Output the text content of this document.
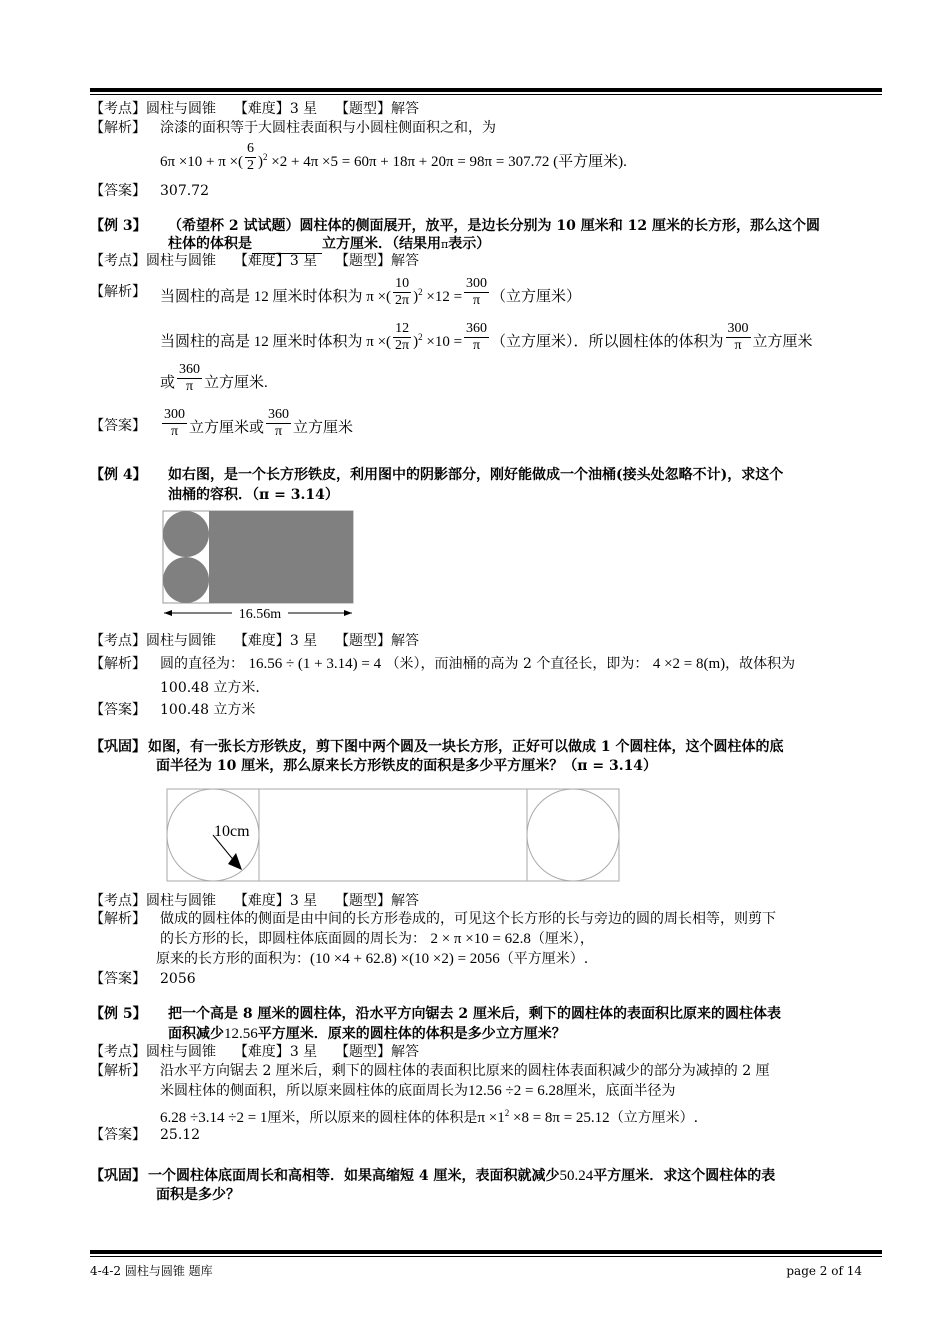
【考点】圆柱与圆锥 【难度】3 星 【题型】解答
【解析】 涂漆的面积等于大圆柱表面积与小圆柱侧面积之和，为
6π ×10 + π ×( $\frac{6}{2} )^2 \times 2 + 4\pi \times 5 = 60\pi + 18\pi + 20\pi = 98\pi = 307.72$ (平方厘米).
【答案】 307.72
【例 3】 （希望杯 2 试试题）圆柱体的侧面展开，放平，是边长分别为 10 厘米和 12 厘米的长方形，那么这个圆
柱体的体积是	立方厘米．（结果用π表示）
【考点】圆柱与圆锥 【难度】3 星 【题型】解答
【解析】 当圆柱的高是 12 厘米时体积为 π ×( $\frac{10}{2\pi} )^2 \times 12 = \frac{300}{\pi}$ （立方厘米）
当圆柱的高是 12 厘米时体积为 π ×( $\frac{12}{2\pi} )^2 \times 10 = \frac{360}{\pi}$ （立方厘米）．所以圆柱体的体积为 $\frac{300}{\pi}$ 立方厘米
或 $\frac{360}{\pi}$ 立方厘米.
【答案】 $\frac{300}{\pi}$ 立方厘米或 $\frac{360}{\pi}$ 立方厘米
【例 4】 如右图，是一个长方形铁皮，利用图中的阴影部分，刚好能做成一个油桶(接头处忽略不计)，求这个
油桶的容积．（π = 3.14）
16.56m
【考点】圆柱与圆锥 【难度】3 星 【题型】解答
【解析】 圆的直径为： 16.56 ÷ (1 + 3.14) = 4 （米），而油桶的高为 2 个直径长，即为： 4 ×2 = 8(m)，故体积为
100.48 立方米.
【答案】 100.48 立方米
【巩固】 如图，有一张长方形铁皮，剪下图中两个圆及一块长方形，正好可以做成 1 个圆柱体，这个圆柱体的底
面半径为 10 厘米，那么原来长方形铁皮的面积是多少平方厘米？（π = 3.14）
10cm
【考点】圆柱与圆锥 【难度】3 星 【题型】解答
【解析】 做成的圆柱体的侧面是由中间的长方形卷成的，可见这个长方形的长与旁边的圆的周长相等，则剪下
的长方形的长，即圆柱体底面圆的周长为： 2 × π ×10 = 62.8（厘米），
原来的长方形的面积为：(10 ×4 + 62.8) ×(10 ×2) = 2056（平方厘米）.
【答案】 2056
【例 5】 把一个高是 8 厘米的圆柱体，沿水平方向锯去 2 厘米后，剩下的圆柱体的表面积比原来的圆柱体表
面积减少12.56平方厘米．原来的圆柱体的体积是多少立方厘米？
【考点】圆柱与圆锥 【难度】3 星 【题型】解答
【解析】 沿水平方向锯去 2 厘米后，剩下的圆柱体的表面积比原来的圆柱体表面积减少的部分为减掉的 2 厘
米圆柱体的侧面积，所以原来圆柱体的底面周长为12.56 ÷2 = 6.28厘米，底面半径为
6.28 ÷3.14 ÷2 = 1厘米，所以原来的圆柱体的体积是$\pi \times 1^2 \times 8 = 8\pi = 25.12$（立方厘米）.
【答案】 25.12
【巩固】 一个圆柱体底面周长和高相等．如果高缩短 4 厘米，表面积就减少50.24平方厘米．求这个圆柱体的表
面积是多少？
4-4-2 圆柱与圆锥 题库	page 2 of 14
